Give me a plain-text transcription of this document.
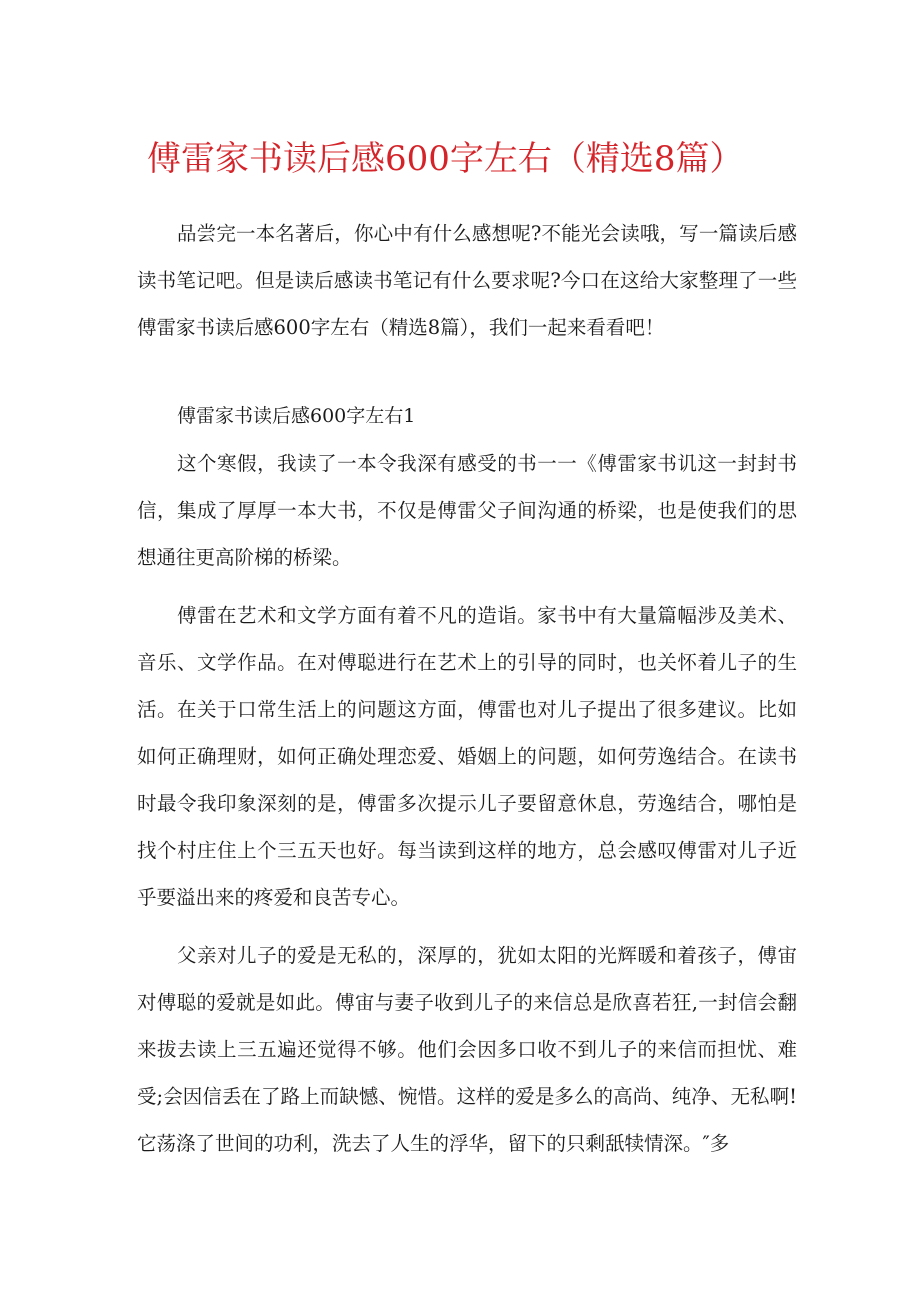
傅雷家书读后感600字左右（精选8篇）

品尝完一本名著后，你心中有什么感想呢?不能光会读哦，写一篇读后感读书笔记吧。但是读后感读书笔记有什么要求呢?今口在这给大家整理了一些傅雷家书读后感600字左右（精选8篇），我们一起来看看吧！

傅雷家书读后感600字左右1

这个寒假，我读了一本令我深有感受的书一一《傅雷家书讥这一封封书信，集成了厚厚一本大书，不仅是傅雷父子间沟通的桥梁，也是使我们的思想通往更高阶梯的桥梁。

傅雷在艺术和文学方面有着不凡的造诣。家书中有大量篇幅涉及美术、音乐、文学作品。在对傅聪进行在艺术上的引导的同时，也关怀着儿子的生活。在关于口常生活上的问题这方面，傅雷也对儿子提出了很多建议。比如如何正确理财，如何正确处理恋爱、婚姻上的问题，如何劳逸结合。在读书时最令我印象深刻的是，傅雷多次提示儿子要留意休息，劳逸结合，哪怕是找个村庄住上个三五天也好。每当读到这样的地方，总会感叹傅雷对儿子近乎要溢出来的疼爱和良苦专心。

父亲对儿子的爱是无私的，深厚的，犹如太阳的光辉暖和着孩子，傅宙对傅聪的爱就是如此。傅宙与妻子收到儿子的来信总是欣喜若狂,一封信会翻来拔去读上三五遍还觉得不够。他们会因多口收不到儿子的来信而担忧、难受;会因信丢在了路上而缺憾、惋惜。这样的爱是多么的高尚、纯净、无私啊!它荡涤了世间的功利，洗去了人生的浮华，留下的只剩舐犊情深。″多
